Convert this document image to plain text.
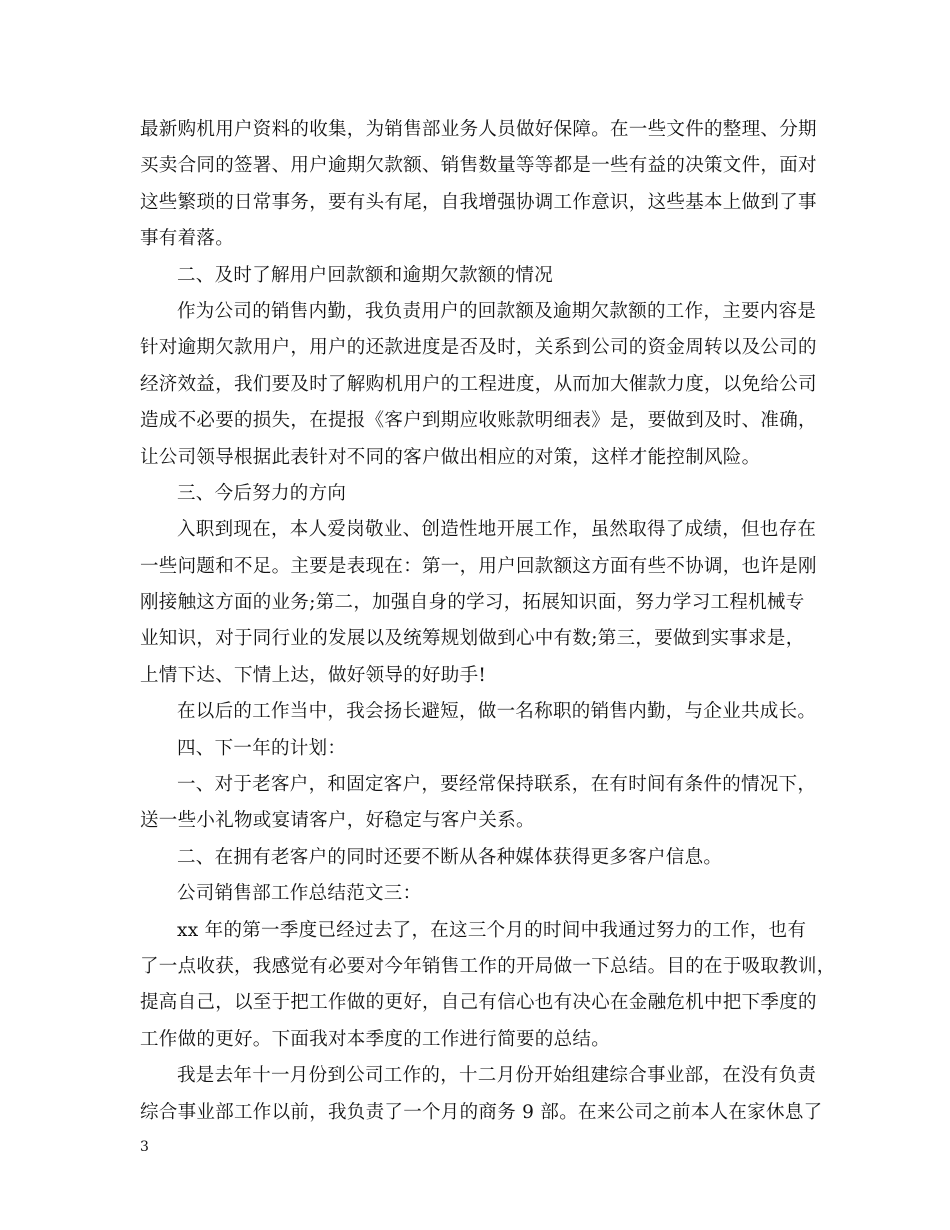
最新购机用户资料的收集，为销售部业务人员做好保障。在一些文件的整理、分期
买卖合同的签署、用户逾期欠款额、销售数量等等都是一些有益的决策文件，面对
这些繁琐的日常事务，要有头有尾，自我增强协调工作意识，这些基本上做到了事
事有着落。
二、及时了解用户回款额和逾期欠款额的情况
作为公司的销售内勤，我负责用户的回款额及逾期欠款额的工作，主要内容是
针对逾期欠款用户，用户的还款进度是否及时，关系到公司的资金周转以及公司的
经济效益，我们要及时了解购机用户的工程进度，从而加大催款力度，以免给公司
造成不必要的损失，在提报《客户到期应收账款明细表》是，要做到及时、准确，
让公司领导根据此表针对不同的客户做出相应的对策，这样才能控制风险。
三、今后努力的方向
入职到现在，本人爱岗敬业、创造性地开展工作，虽然取得了成绩，但也存在
一些问题和不足。主要是表现在：第一，用户回款额这方面有些不协调，也许是刚
刚接触这方面的业务;第二，加强自身的学习，拓展知识面，努力学习工程机械专
业知识，对于同行业的发展以及统筹规划做到心中有数;第三，要做到实事求是，
上情下达、下情上达，做好领导的好助手!
在以后的工作当中，我会扬长避短，做一名称职的销售内勤，与企业共成长。
四、下一年的计划：
一、对于老客户，和固定客户，要经常保持联系，在有时间有条件的情况下，
送一些小礼物或宴请客户，好稳定与客户关系。
二、在拥有老客户的同时还要不断从各种媒体获得更多客户信息。
公司销售部工作总结范文三：
xx 年的第一季度已经过去了，在这三个月的时间中我通过努力的工作，也有
了一点收获，我感觉有必要对今年销售工作的开局做一下总结。目的在于吸取教训，
提高自己，以至于把工作做的更好，自己有信心也有决心在金融危机中把下季度的
工作做的更好。下面我对本季度的工作进行简要的总结。
我是去年十一月份到公司工作的，十二月份开始组建综合事业部，在没有负责
综合事业部工作以前，我负责了一个月的商务 9 部。在来公司之前本人在家休息了
3
